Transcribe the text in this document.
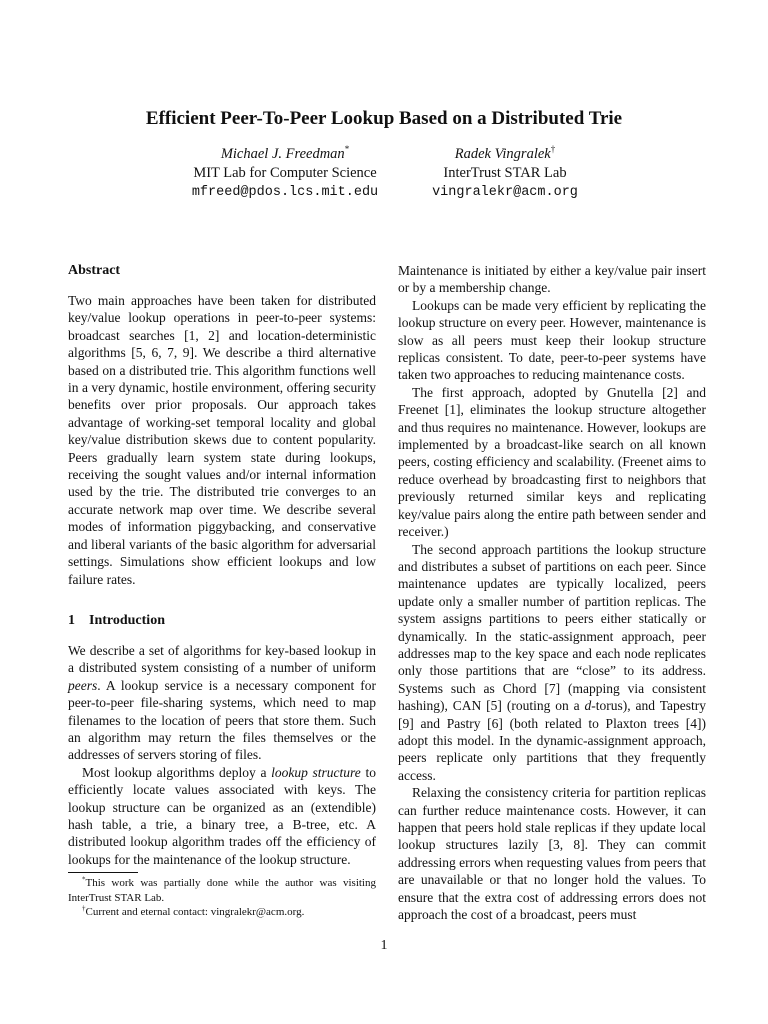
Efficient Peer-To-Peer Lookup Based on a Distributed Trie
Michael J. Freedman*
MIT Lab for Computer Science
mfreed@pdos.lcs.mit.edu
Radek Vingralek†
InterTrust STAR Lab
vingralekr@acm.org
Abstract

Two main approaches have been taken for distributed key/value lookup operations in peer-to-peer systems: broadcast searches [1, 2] and location-deterministic algorithms [5, 6, 7, 9]. We describe a third alternative based on a distributed trie. This algorithm functions well in a very dynamic, hostile environment, offering security benefits over prior proposals. Our approach takes advantage of working-set temporal locality and global key/value distribution skews due to content popularity. Peers gradually learn system state during lookups, receiving the sought values and/or internal information used by the trie. The distributed trie converges to an accurate network map over time. We describe several modes of information piggybacking, and conservative and liberal variants of the basic algorithm for adversarial settings. Simulations show efficient lookups and low failure rates.

1 Introduction

We describe a set of algorithms for key-based lookup in a distributed system consisting of a number of uniform peers. A lookup service is a necessary component for peer-to-peer file-sharing systems, which need to map filenames to the location of peers that store them. Such an algorithm may return the files themselves or the addresses of servers storing of files.

Most lookup algorithms deploy a lookup structure to efficiently locate values associated with keys. The lookup structure can be organized as an (extendible) hash table, a trie, a binary tree, a B-tree, etc. A distributed lookup algorithm trades off the efficiency of lookups for the maintenance of the lookup structure.

*This work was partially done while the author was visiting InterTrust STAR Lab.

†Current and eternal contact: vingralekr@acm.org.

Maintenance is initiated by either a key/value pair insert or by a membership change.

Lookups can be made very efficient by replicating the lookup structure on every peer. However, maintenance is slow as all peers must keep their lookup structure replicas consistent. To date, peer-to-peer systems have taken two approaches to reducing maintenance costs.

The first approach, adopted by Gnutella [2] and Freenet [1], eliminates the lookup structure altogether and thus requires no maintenance. However, lookups are implemented by a broadcast-like search on all known peers, costing efficiency and scalability. (Freenet aims to reduce overhead by broadcasting first to neighbors that previously returned similar keys and replicating key/value pairs along the entire path between sender and receiver.)

The second approach partitions the lookup structure and distributes a subset of partitions on each peer. Since maintenance updates are typically localized, peers update only a smaller number of partition replicas. The system assigns partitions to peers either statically or dynamically. In the static-assignment approach, peer addresses map to the key space and each node replicates only those partitions that are “close” to its address. Systems such as Chord [7] (mapping via consistent hashing), CAN [5] (routing on a d-torus), and Tapestry [9] and Pastry [6] (both related to Plaxton trees [4]) adopt this model. In the dynamic-assignment approach, peers replicate only partitions that they frequently access.

Relaxing the consistency criteria for partition replicas can further reduce maintenance costs. However, it can happen that peers hold stale replicas if they update local lookup structures lazily [3, 8]. They can commit addressing errors when requesting values from peers that are unavailable or that no longer hold the values. To ensure that the extra cost of addressing errors does not approach the cost of a broadcast, peers must

1
